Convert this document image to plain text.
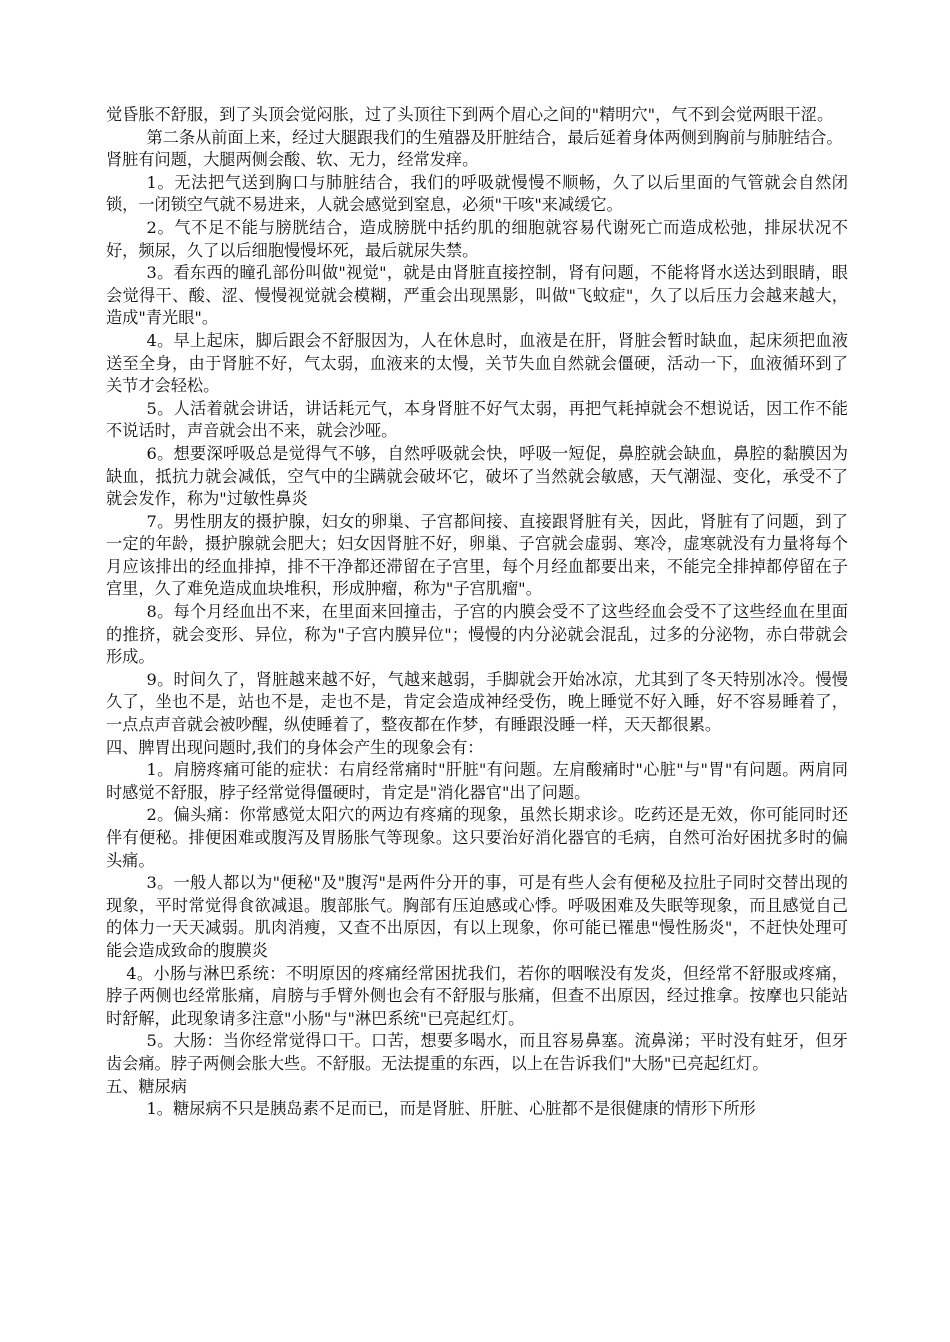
觉昏胀不舒服，到了头顶会觉闷胀，过了头顶往下到两个眉心之间的"精明穴"，气不到会觉两眼干涩。

第二条从前面上来，经过大腿跟我们的生殖器及肝脏结合，最后延着身体两侧到胸前与肺脏结合。

肾脏有问题，大腿两侧会酸、软、无力，经常发痒。

1。无法把气送到胸口与肺脏结合，我们的呼吸就慢慢不顺畅，久了以后里面的气管就会自然闭锁，一闭锁空气就不易进来，人就会感觉到窒息，必须"干咳"来减缓它。

2。气不足不能与膀胱结合，造成膀胱中括约肌的细胞就容易代谢死亡而造成松弛，排尿状况不好，频尿，久了以后细胞慢慢坏死，最后就尿失禁。

3。看东西的瞳孔部份叫做"视觉"，就是由肾脏直接控制，肾有问题，不能将肾水送达到眼睛，眼会觉得干、酸、涩、慢慢视觉就会模糊，严重会出现黑影，叫做"飞蚊症"，久了以后压力会越来越大，造成"青光眼"。

4。早上起床，脚后跟会不舒服因为，人在休息时，血液是在肝，肾脏会暂时缺血，起床须把血液送至全身，由于肾脏不好，气太弱，血液来的太慢，关节失血自然就会僵硬，活动一下，血液循环到了关节才会轻松。

5。人活着就会讲话，讲话耗元气，本身肾脏不好气太弱，再把气耗掉就会不想说话，因工作不能不说话时，声音就会出不来，就会沙哑。

6。想要深呼吸总是觉得气不够，自然呼吸就会快，呼吸一短促，鼻腔就会缺血，鼻腔的黏膜因为缺血，抵抗力就会减低，空气中的尘蹒就会破坏它，破坏了当然就会敏感，天气潮湿、变化，承受不了就会发作，称为"过敏性鼻炎

7。男性朋友的摄护腺，妇女的卵巢、子宫都间接、直接跟肾脏有关，因此，肾脏有了问题，到了一定的年龄，摄护腺就会肥大；妇女因肾脏不好，卵巢、子宫就会虚弱、寒冷，虚寒就没有力量将每个月应该排出的经血排掉，排不干净都还滞留在子宫里，每个月经血都要出来，不能完全排掉都停留在子宫里，久了难免造成血块堆积，形成肿瘤，称为"子宫肌瘤"。

8。每个月经血出不来，在里面来回撞击，子宫的内膜会受不了这些经血会受不了这些经血在里面的推挤，就会变形、异位，称为"子宫内膜异位"；慢慢的内分泌就会混乱，过多的分泌物，赤白带就会形成。

9。时间久了，肾脏越来越不好，气越来越弱，手脚就会开始冰凉，尤其到了冬天特别冰冷。慢慢久了，坐也不是，站也不是，走也不是，肯定会造成神经受伤，晚上睡觉不好入睡，好不容易睡着了，一点点声音就会被吵醒，纵使睡着了，整夜都在作梦，有睡跟没睡一样，天天都很累。

四、脾胃出现问题时,我们的身体会产生的现象会有：

1。肩膀疼痛可能的症状：右肩经常痛时"肝脏"有问题。左肩酸痛时"心脏"与"胃"有问题。两肩同时感觉不舒服，脖子经常觉得僵硬时，肯定是"消化器官"出了问题。

2。偏头痛：你常感觉太阳穴的两边有疼痛的现象，虽然长期求诊。吃药还是无效，你可能同时还伴有便秘。排便困难或腹泻及胃肠胀气等现象。这只要治好消化器官的毛病，自然可治好困扰多时的偏头痛。

3。一般人都以为"便秘"及"腹泻"是两件分开的事，可是有些人会有便秘及拉肚子同时交替出现的现象，平时常觉得食欲减退。腹部胀气。胸部有压迫感或心悸。呼吸困难及失眠等现象，而且感觉自己的体力一天天减弱。肌肉消瘦，又查不出原因，有以上现象，你可能已罹患"慢性肠炎"，不赶快处理可能会造成致命的腹膜炎

4。小肠与淋巴系统：不明原因的疼痛经常困扰我们，若你的咽喉没有发炎，但经常不舒服或疼痛，脖子两侧也经常胀痛，肩膀与手臂外侧也会有不舒服与胀痛，但查不出原因，经过推拿。按摩也只能站时舒解，此现象请多注意"小肠"与"淋巴系统"已亮起红灯。

5。大肠：当你经常觉得口干。口苦，想要多喝水，而且容易鼻塞。流鼻涕；平时没有蛀牙，但牙齿会痛。脖子两侧会胀大些。不舒服。无法提重的东西，以上在告诉我们"大肠"已亮起红灯。

五、糖尿病

1。糖尿病不只是胰岛素不足而已，而是肾脏、肝脏、心脏都不是很健康的情形下所形
